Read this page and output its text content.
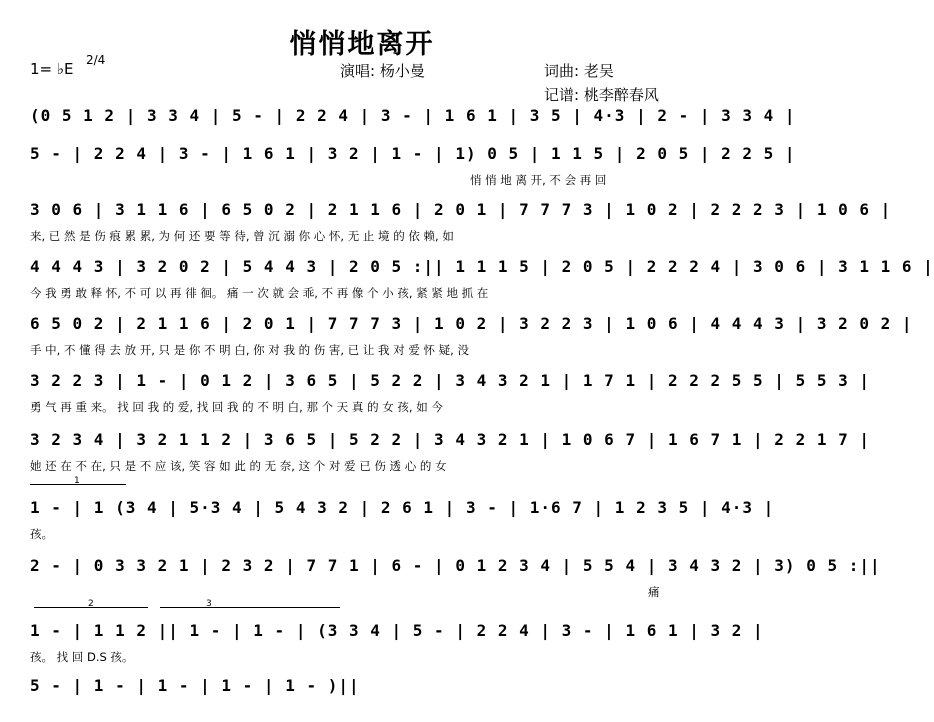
悄悄地离开
1= ♭E 2/4
演唱: 杨小曼	词曲: 老吴
记谱: 桃李醉春风
(0 5 1 2 | 3 3 4 | 5 - | 2 2 4 | 3 - | 1 6 1 | 3 5 | 4·3 | 2 - | 3 3 4 |
5 - | 2 2 4 | 3 - | 1 6 1 | 3 2 | 1 - | 1) 0 5 | 1 1 5 | 2 0 5 | 2 2 5 |
悄 悄 地 离 开, 不 会 再 回
3 0 6 | 3 1 1 6 | 6 5 0 2 | 2 1 1 6 | 2 0 1 | 7 7 7 3 | 1 0 2 | 2 2 2 3 | 1 0 6 |
来, 已 然 是 伤 痕 累 累, 为 何 还 要 等 待, 曾 沉 溺 你 心 怀, 无 止 境 的 依 赖, 如
4 4 4 3 | 3 2 0 2 | 5 4 4 3 | 2 0 5 :|| 1 1 1 5 | 2 0 5 | 2 2 2 4 | 3 0 6 | 3 1 1 6 |
今 我 勇 敢 释 怀, 不 可 以 再 徘 徊。 痛 一 次 就 会 乖, 不 再 像 个 小 孩, 紧 紧 地 抓 在
6 5 0 2 | 2 1 1 6 | 2 0 1 | 7 7 7 3 | 1 0 2 | 3 2 2 3 | 1 0 6 | 4 4 4 3 | 3 2 0 2 |
手 中, 不 懂 得 去 放 开, 只 是 你 不 明 白, 你 对 我 的 伤 害, 已 让 我 对 爱 怀 疑, 没
3 2 2 3 | 1 - | 0 1 2 | 3 6 5 | 5 2 2 | 3 4 3 2 1 | 1 7 1 | 2 2 2 5 5 | 5 5 3 |
勇 气 再 重 来。 找 回 我 的 爱, 找 回 我 的 不 明 白, 那 个 天 真 的 女 孩, 如 今
3 2 3 4 | 3 2 1 1 2 | 3 6 5 | 5 2 2 | 3 4 3 2 1 | 1 0 6 7 | 1 6 7 1 | 2 2 1 7 |
她 还 在 不 在, 只 是 不 应 该, 笑 容 如 此 的 无 奈, 这 个 对 爱 已 伤 透 心 的 女
1
1 - | 1 (3 4 | 5·3 4 | 5 4 3 2 | 2 6 1 | 3 - | 1·6 7 | 1 2 3 5 | 4·3 |
孩。
2 - | 0 3 3 2 1 | 2 3 2 | 7 7 1 | 6 - | 0 1 2 3 4 | 5 5 4 | 3 4 3 2 | 3) 0 5 :||
痛
2	3
1 - | 1 1 2 || 1 - | 1 - | (3 3 4 | 5 - | 2 2 4 | 3 - | 1 6 1 | 3 2 |
孩。 找 回 D.S 孩。
5 - | 1 - | 1 - | 1 - | 1 - )||
